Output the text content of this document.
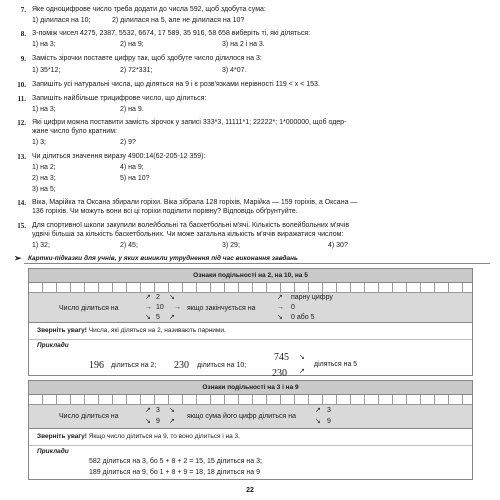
7. Яке одноцифрове число треба додати до числа 592, щоб здобута сума:
1) ділилася на 10;	2) ділилася на 5, але не ділилася на 10?
8. З-поміж чисел 4275, 2387, 5532, 6674, 17 589, 35 916, 58 658 виберіть ті, які діляться:
1) на 3;	2) на 9;	3) на 2 і на 3.
9. Замість зірочки поставте цифру так, щоб здобуте число ділилося на 3:
1) 35*12;	2) 72*331;	3) 4*07.
10. Запишіть усі натуральні числа, що діляться на 9 і є розв'язками нерівності 119 < x < 153.
11. Запишіть найбільше трицифрове число, що ділиться:
1) на 3;	2) на 9.
12. Які цифри можна поставити замість зірочок у записі 333*3, 11111*1; 22222*; 1*000000, щоб одер-
жане число було кратним:
1) 3;	2) 9?
13. Чи ділиться значення виразу 4900:14(62-205-12 359):
1) на 2;	4) на 9;
2) на 3;	5) на 10?
3) на 5;
14. Віка, Марійка та Оксана збирали горіхи. Віка зібрала 128 горіхів, Марійка — 159 горіхів, а Оксана —
136 горіхів. Чи можуть вони всі ці горіхи поділити порівну? Відповідь обґрунтуйте.
15. Для спортивної школи закупили волейбольні та баскетбольні м'ячі. Кількість волейбольних м'ячів
удвічі більша за кількість баскетбольних. Чи може загальна кількість м'ячів виражатися числом:
1) 32;	2) 45;	3) 29;	4) 30?
➢ Картки-підказки для учнів, у яких виникли утруднення під час виконання завдань
Ознаки подільності на 2, на 10, на 5
Число ділиться на
2
10
5
↗
→
↘
↘
→
↗
якщо закінчується на
↗
→
↘
парну цифру
0
0 або 5
Зверніть увагу! Числа, які діляться на 2, називають парними.
Приклади
196 ділиться на 2; 230 ділиться на 10;
745
230
↘
↗
діляться на 5
Ознаки подільності на 3 і на 9
Число ділиться на
↗
↘
3
9
↘
↗
якщо сума його цифр ділиться на
↗
↘
3
9
Зверніть увагу! Якщо число ділиться на 9, то воно ділиться і на 3.
Приклади
582 ділиться на 3, бо 5 + 8 + 2 = 15, 15 ділиться на 3;
189 ділиться на 9, бо 1 + 8 + 9 = 18, 18 ділиться на 9
22
